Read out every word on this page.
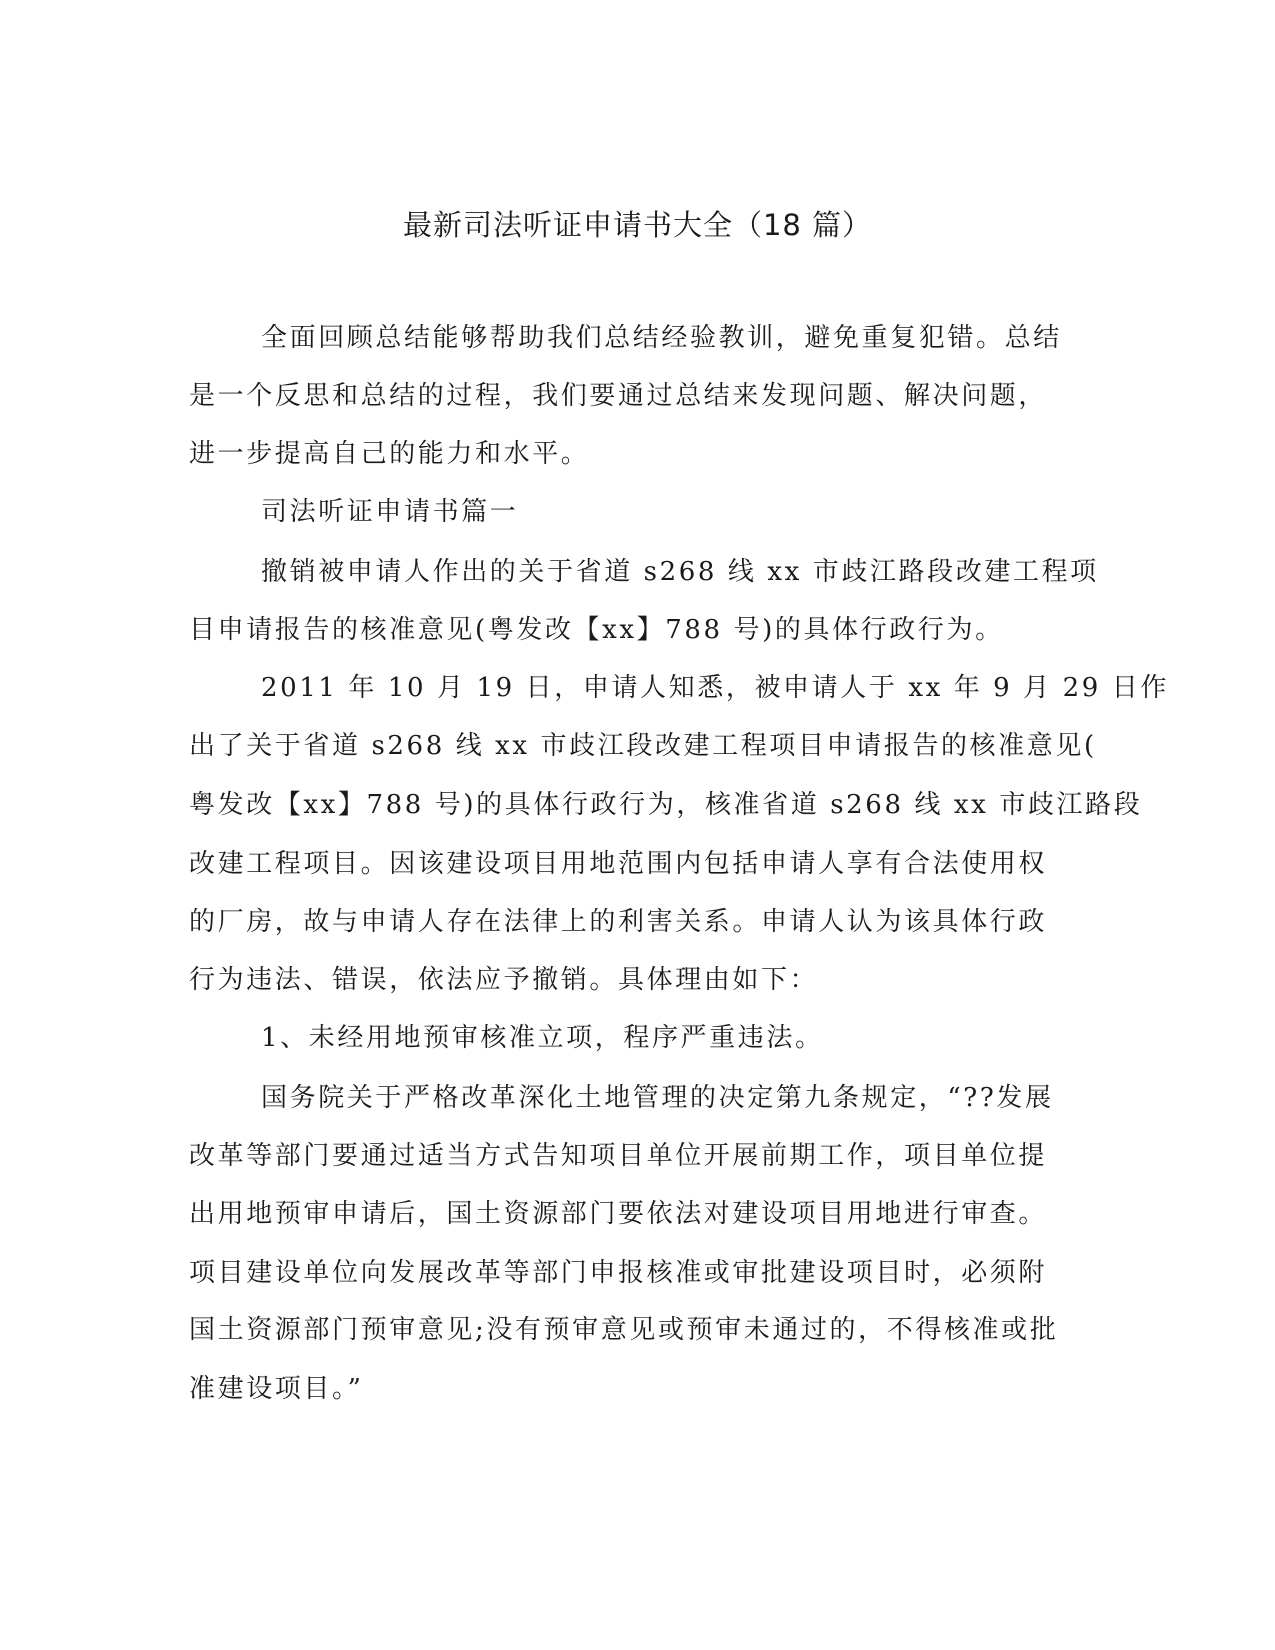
最新司法听证申请书大全（18 篇）
全面回顾总结能够帮助我们总结经验教训，避免重复犯错。总结
是一个反思和总结的过程，我们要通过总结来发现问题、解决问题，
进一步提高自己的能力和水平。
司法听证申请书篇一
撤销被申请人作出的关于省道 s268 线 xx 市歧江路段改建工程项
目申请报告的核准意见(粤发改【xx】788 号)的具体行政行为。
2011 年 10 月 19 日，申请人知悉，被申请人于 xx 年 9 月 29 日作
出了关于省道 s268 线 xx 市歧江段改建工程项目申请报告的核准意见(
粤发改【xx】788 号)的具体行政行为，核准省道 s268 线 xx 市歧江路段
改建工程项目。因该建设项目用地范围内包括申请人享有合法使用权
的厂房，故与申请人存在法律上的利害关系。申请人认为该具体行政
行为违法、错误，依法应予撤销。具体理由如下：
1、未经用地预审核准立项，程序严重违法。
国务院关于严格改革深化土地管理的决定第九条规定，“??发展
改革等部门要通过适当方式告知项目单位开展前期工作，项目单位提
出用地预审申请后，国土资源部门要依法对建设项目用地进行审查。
项目建设单位向发展改革等部门申报核准或审批建设项目时，必须附
国土资源部门预审意见;没有预审意见或预审未通过的，不得核准或批
准建设项目。”
